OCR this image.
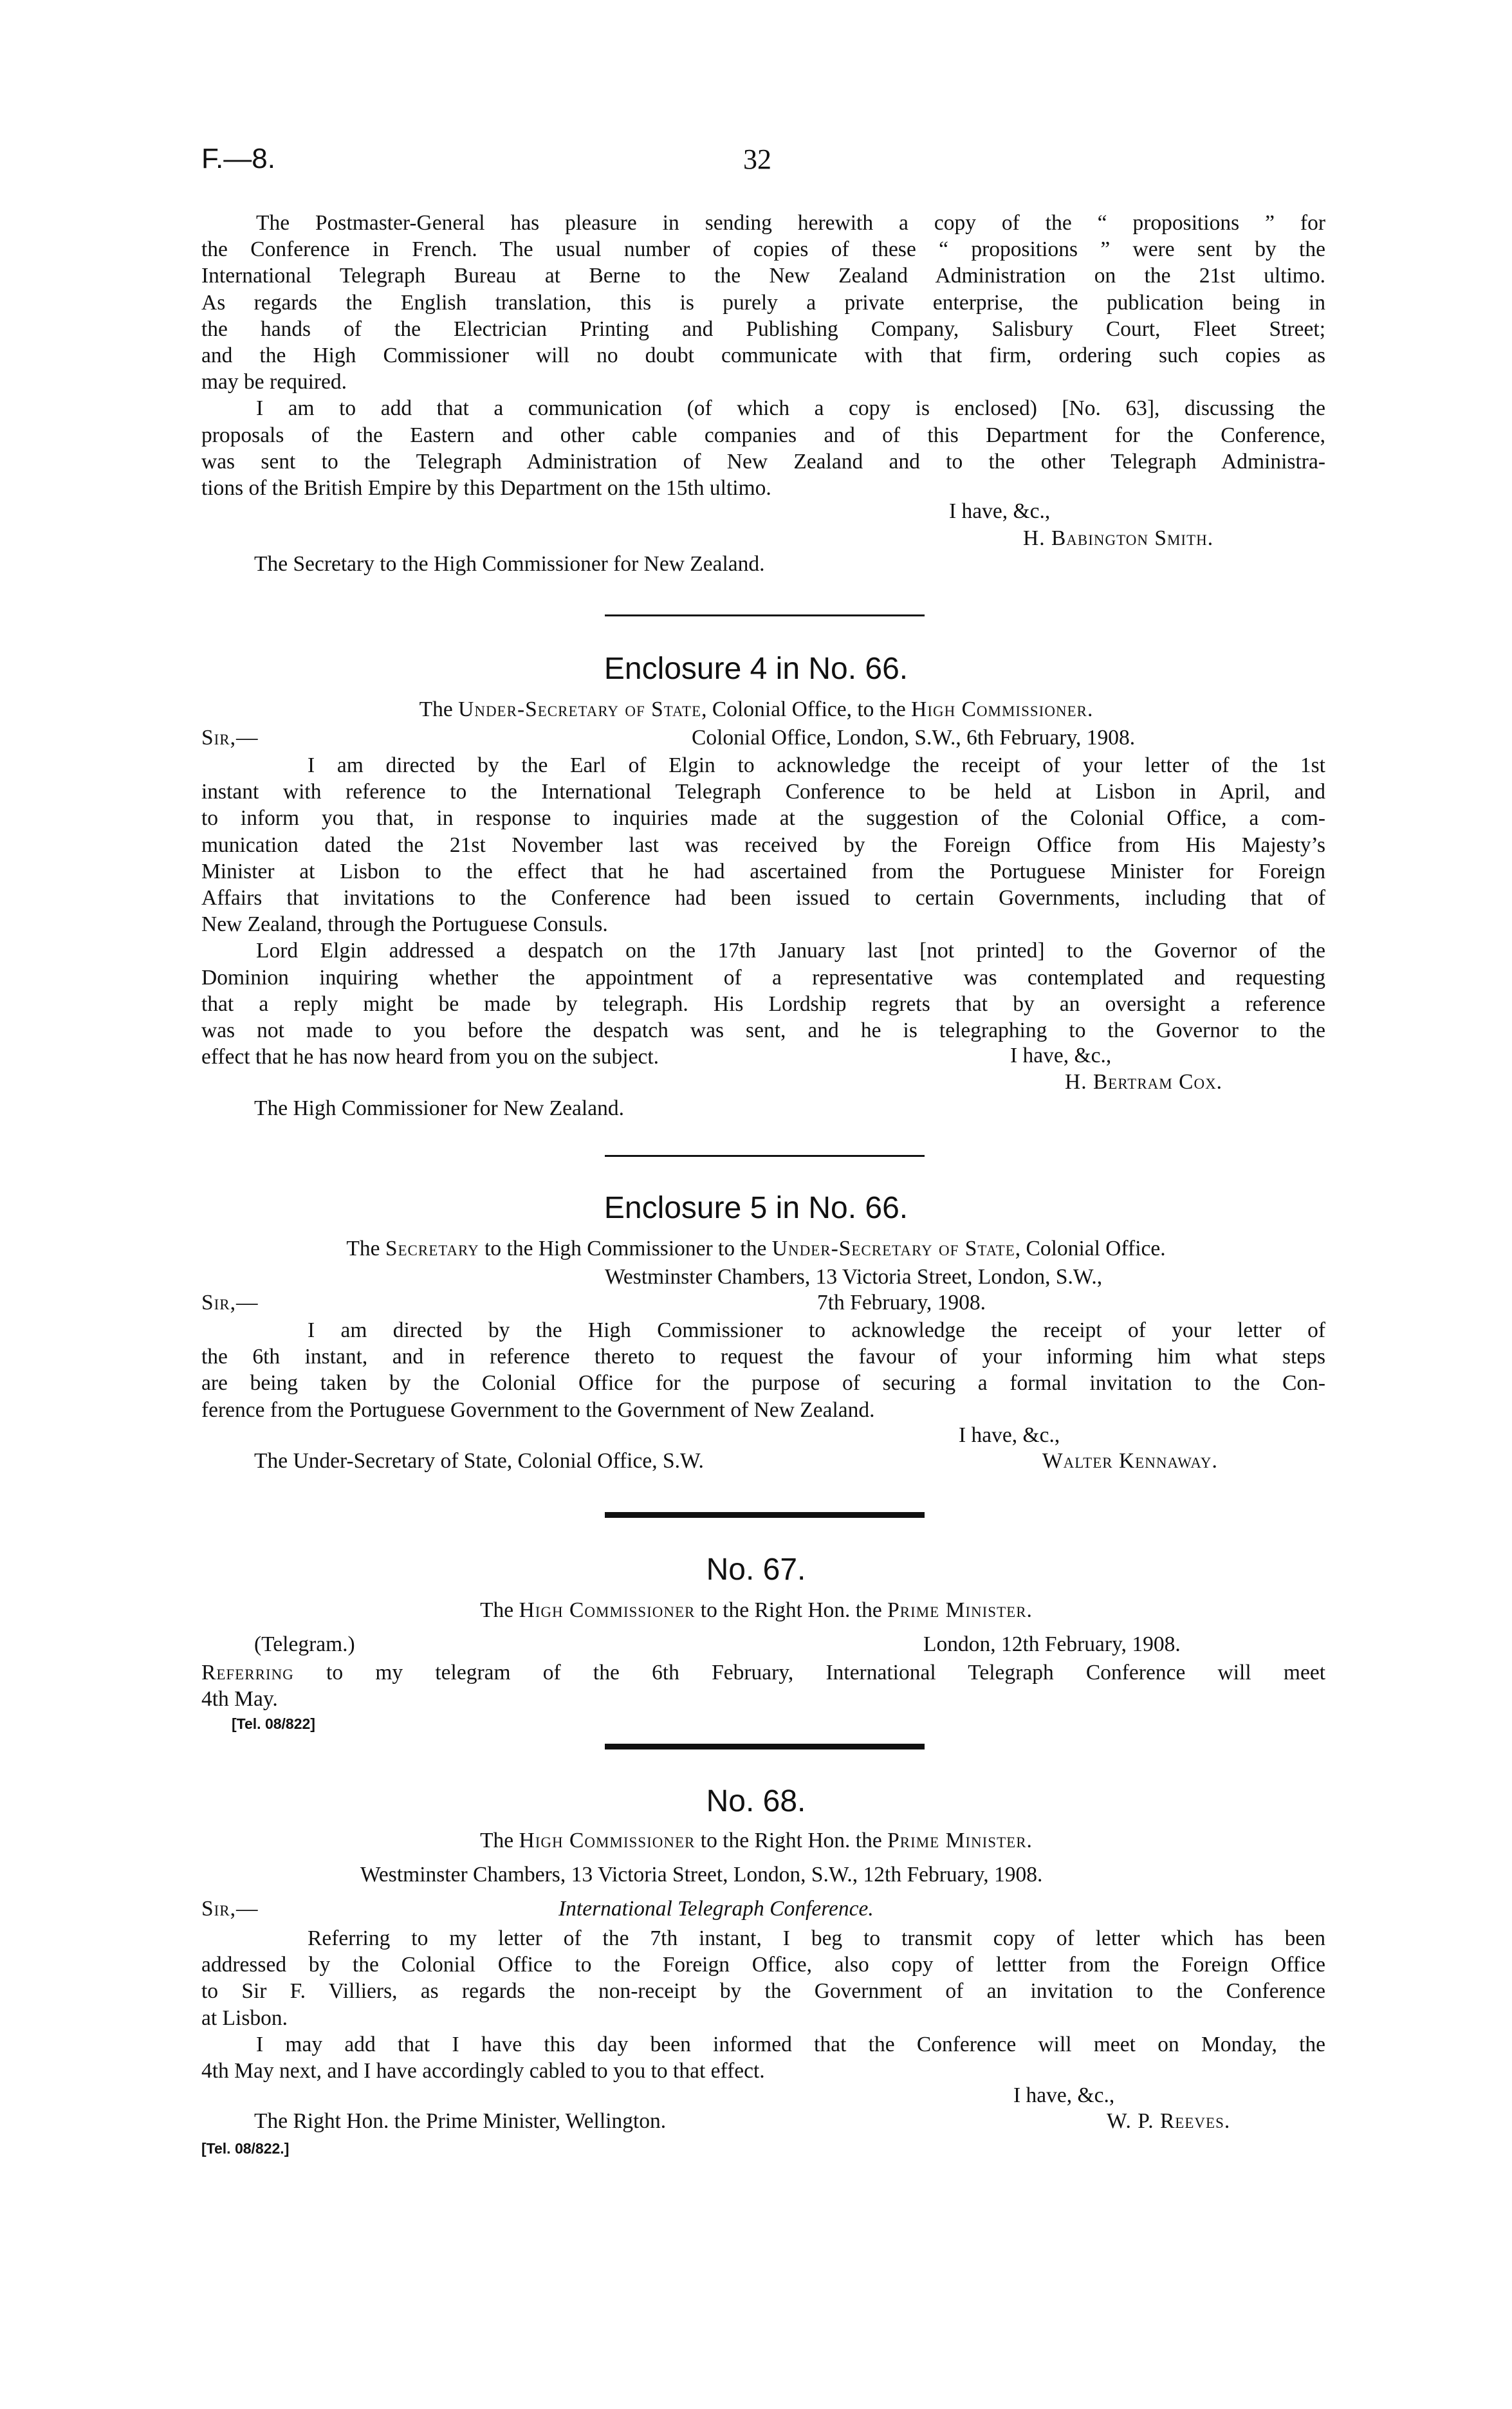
F.—8.	32
The Postmaster-General has pleasure in sending herewith a copy of the “ propositions ” for
the Conference in French. The usual number of copies of these “ propositions ” were sent by the
International Telegraph Bureau at Berne to the New Zealand Administration on the 21st ultimo.
As regards the English translation, this is purely a private enterprise, the publication being in
the hands of the Electrician Printing and Publishing Company, Salisbury Court, Fleet Street;
and the High Commissioner will no doubt communicate with that firm, ordering such copies as
may be required.
I am to add that a communication (of which a copy is enclosed) [No. 63], discussing the
proposals of the Eastern and other cable companies and of this Department for the Conference,
was sent to the Telegraph Administration of New Zealand and to the other Telegraph Administra-
tions of the British Empire by this Department on the 15th ultimo.
I have, &c.,
H. Babington Smith.
The Secretary to the High Commissioner for New Zealand.
Enclosure 4 in No. 66.
The Under-Secretary of State, Colonial Office, to the High Commissioner.
Sir,—	Colonial Office, London, S.W., 6th February, 1908.
I am directed by the Earl of Elgin to acknowledge the receipt of your letter of the 1st
instant with reference to the International Telegraph Conference to be held at Lisbon in April, and
to inform you that, in response to inquiries made at the suggestion of the Colonial Office, a com-
munication dated the 21st November last was received by the Foreign Office from His Majesty’s
Minister at Lisbon to the effect that he had ascertained from the Portuguese Minister for Foreign
Affairs that invitations to the Conference had been issued to certain Governments, including that of
New Zealand, through the Portuguese Consuls.
Lord Elgin addressed a despatch on the 17th January last [not printed] to the Governor of the
Dominion inquiring whether the appointment of a representative was contemplated and requesting
that a reply might be made by telegraph. His Lordship regrets that by an oversight a reference
was not made to you before the despatch was sent, and he is telegraphing to the Governor to the
effect that he has now heard from you on the subject.	I have, &c.,
H. Bertram Cox.
The High Commissioner for New Zealand.
Enclosure 5 in No. 66.
The Secretary to the High Commissioner to the Under-Secretary of State, Colonial Office.
Westminster Chambers, 13 Victoria Street, London, S.W.,
Sir,—	7th February, 1908.
I am directed by the High Commissioner to acknowledge the receipt of your letter of
the 6th instant, and in reference thereto to request the favour of your informing him what steps
are being taken by the Colonial Office for the purpose of securing a formal invitation to the Con-
ference from the Portuguese Government to the Government of New Zealand.
I have, &c.,
The Under-Secretary of State, Colonial Office, S.W.	Walter Kennaway.
No. 67.
The High Commissioner to the Right Hon. the Prime Minister.
(Telegram.)	London, 12th February, 1908.
Referring to my telegram of the 6th February, International Telegraph Conference will meet
4th May.
[Tel. 08/822]
No. 68.
The High Commissioner to the Right Hon. the Prime Minister.
Westminster Chambers, 13 Victoria Street, London, S.W., 12th February, 1908.
Sir,—	International Telegraph Conference.
Referring to my letter of the 7th instant, I beg to transmit copy of letter which has been
addressed by the Colonial Office to the Foreign Office, also copy of lettter from the Foreign Office
to Sir F. Villiers, as regards the non-receipt by the Government of an invitation to the Conference
at Lisbon.
I may add that I have this day been informed that the Conference will meet on Monday, the
4th May next, and I have accordingly cabled to you to that effect.
I have, &c.,
The Right Hon. the Prime Minister, Wellington.	W. P. Reeves.
[Tel. 08/822.]
